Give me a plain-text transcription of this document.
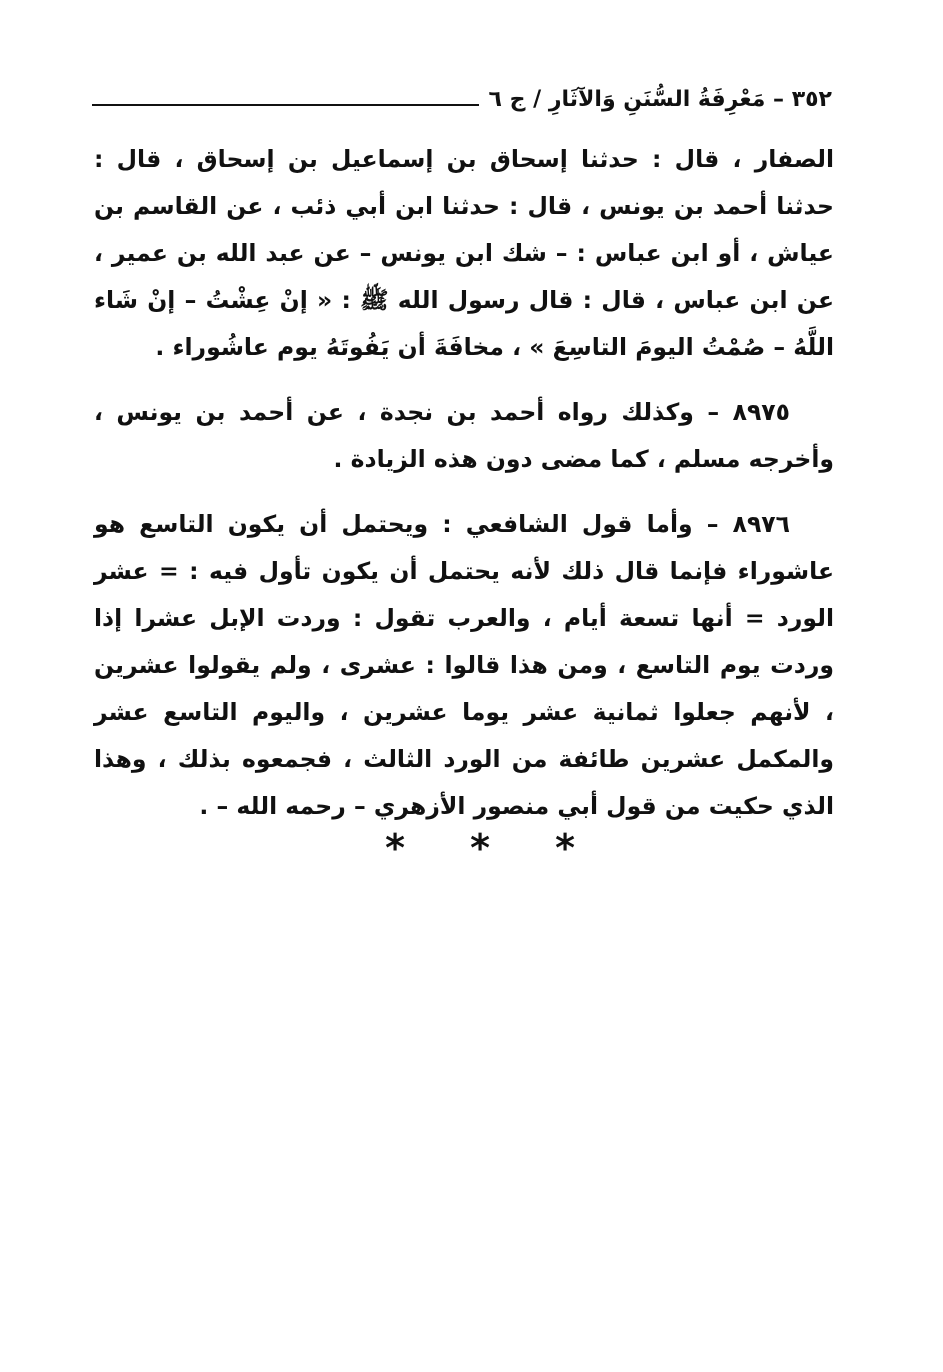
٣٥٢ – مَعْرِفَةُ السُّنَنِ وَالآثَارِ / ج ٦

الصفار ، قال : حدثنا إسحاق بن إسماعيل بن إسحاق ، قال : حدثنا أحمد بن يونس ، قال : حدثنا ابن أبي ذئب ، عن القاسم بن عياش ، أو ابن عباس : – شك ابن يونس – عن عبد الله بن عمير ، عن ابن عباس ، قال : قال رسول الله ﷺ : « إنْ عِشْتُ – إنْ شَاء اللَّهُ – صُمْتُ اليومَ التاسِعَ » ، مخافَةَ أن يَفُوتَهُ يوم عاشُوراء .

٨٩٧٥ – وكذلك رواه أحمد بن نجدة ، عن أحمد بن يونس ، وأخرجه مسلم ، كما مضى دون هذه الزيادة .

٨٩٧٦ – وأما قول الشافعي : ويحتمل أن يكون التاسع هو عاشوراء فإنما قال ذلك لأنه يحتمل أن يكون تأول فيه : = عشر الورد = أنها تسعة أيام ، والعرب تقول : وردت الإبل عشرا إذا وردت يوم التاسع ، ومن هذا قالوا : عشرى ، ولم يقولوا عشرين ، لأنهم جعلوا ثمانية عشر يوما عشرين ، واليوم التاسع عشر والمكمل عشرين طائفة من الورد الثالث ، فجمعوه بذلك ، وهذا الذي حكيت من قول أبي منصور الأزهري – رحمه الله – .

* * *
